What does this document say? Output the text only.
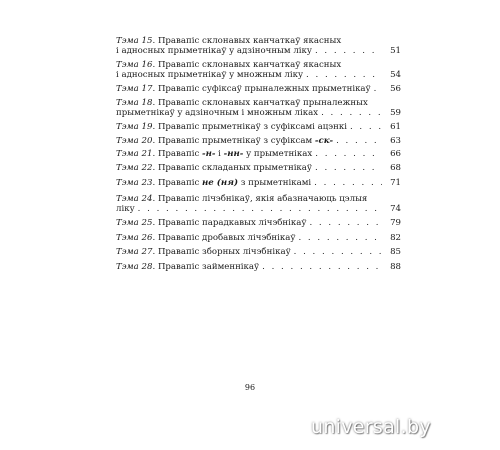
Тэма 15.
Правапіс склонавых канчаткаў якасных
і адносных прыметнікаў у адзіночным ліку . . .	51
Тэма 16.
Правапіс склонавых канчаткаў якасных
і адносных прыметнікаў у множным ліку . . .	54
Тэма 17.
Правапіс суфіксаў прыналежных прыметнікаў . . .	56
Тэма 18.
Правапіс склонавых канчаткаў прыналежных
прыметнікаў у адзіночным і множным ліках . . .	59
Тэма 19.
Правапіс прыметнікаў з суфіксамі ацэнкі . . .	61
Тэма 20.
Правапіс прыметнікаў з суфіксам -ск- . . .	63
Тэма 21.
Правапіс -н- і -нн- у прыметніках . . .	66
Тэма 22.
Правапіс складаных прыметнікаў . . .	68
Тэма 23.
Правапіс не (ня) з прыметнікамі . . .	71
Тэма 24.
Правапіс лічэбнікаў, якія абазначаюць цэлыя
ліку . . .	74
Тэма 25.
Правапіс парадкавых лічэбнікаў . . .	79
Тэма 26.
Правапіс дробавых лічэбнікаў . . .	82
Тэма 27.
Правапіс зборных лічэбнікаў . . .	85
Тэма 28.
Правапіс займеннікаў . . .	88
96
universal.by
